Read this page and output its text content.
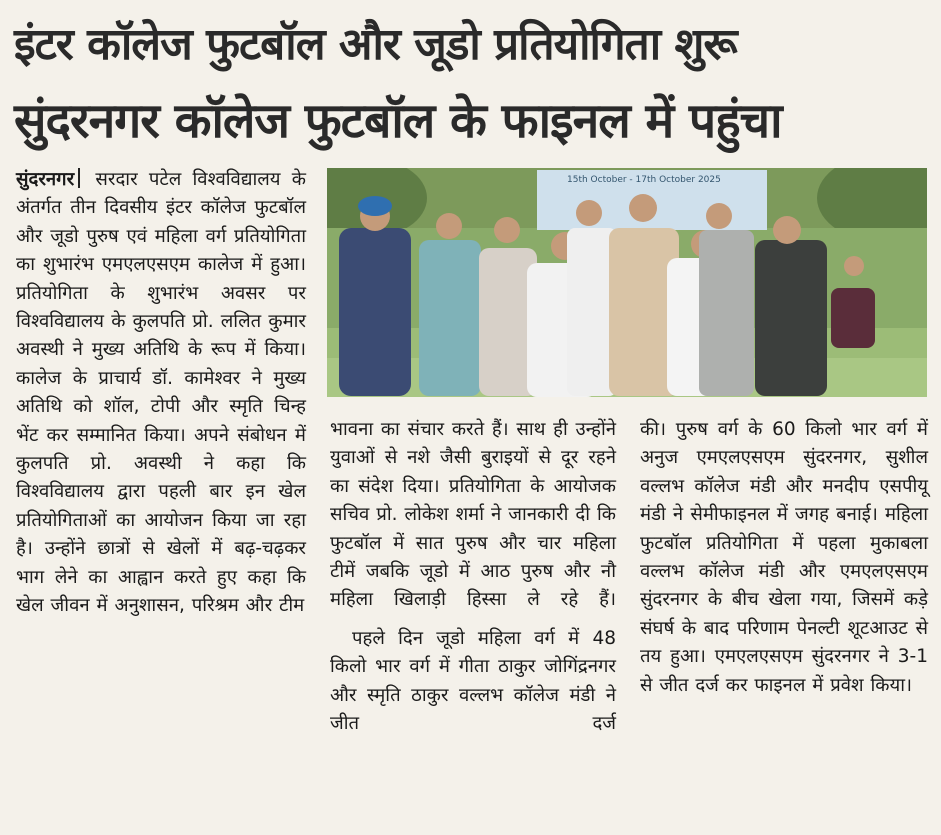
इंटर कॉलेज फुटबॉल और जूडो प्रतियोगिता शुरू
सुंदरनगर कॉलेज फुटबॉल के फाइनल में पहुंचा

सुंदरनगर सरदार पटेल विश्वविद्यालय के अंतर्गत तीन दिवसीय इंटर कॉलेज फुटबॉल और जूडो पुरुष एवं महिला वर्ग प्रतियोगिता का शुभारंभ एमएलएसएम कालेज में हुआ। प्रतियोगिता के शुभारंभ अवसर पर विश्वविद्यालय के कुलपति प्रो. ललित कुमार अवस्थी ने मुख्य अतिथि के रूप में किया। कालेज के प्राचार्य डॉ. कामेश्वर ने मुख्य अतिथि को शॉल, टोपी और स्मृति चिन्ह भेंट कर सम्मानित किया। अपने संबोधन में कुलपति प्रो. अवस्थी ने कहा कि विश्वविद्यालय द्वारा पहली बार इन खेल प्रतियोगिताओं का आयोजन किया जा रहा है। उन्होंने छात्रों से खेलों में बढ़-चढ़कर भाग लेने का आह्वान करते हुए कहा कि खेल जीवन में अनुशासन, परिश्रम और टीम

15th October - 17th October 2025

भावना का संचार करते हैं। साथ ही उन्होंने युवाओं से नशे जैसी बुराइयों से दूर रहने का संदेश दिया। प्रतियोगिता के आयोजक सचिव प्रो. लोकेश शर्मा ने जानकारी दी कि फुटबॉल में सात पुरुष और चार महिला टीमें जबकि जूडो में आठ पुरुष और नौ महिला खिलाड़ी हिस्सा ले रहे हैं।

पहले दिन जूडो महिला वर्ग में 48 किलो भार वर्ग में गीता ठाकुर जोगिंद्रनगर और स्मृति ठाकुर वल्लभ कॉलेज मंडी ने जीत दर्ज

की। पुरुष वर्ग के 60 किलो भार वर्ग में अनुज एमएलएसएम सुंदरनगर, सुशील वल्लभ कॉलेज मंडी और मनदीप एसपीयू मंडी ने सेमीफाइनल में जगह बनाई। महिला फुटबॉल प्रतियोगिता में पहला मुकाबला वल्लभ कॉलेज मंडी और एमएलएसएम सुंदरनगर के बीच खेला गया, जिसमें कड़े संघर्ष के बाद परिणाम पेनल्टी शूटआउट से तय हुआ। एमएलएसएम सुंदरनगर ने 3-1 से जीत दर्ज कर फाइनल में प्रवेश किया।
